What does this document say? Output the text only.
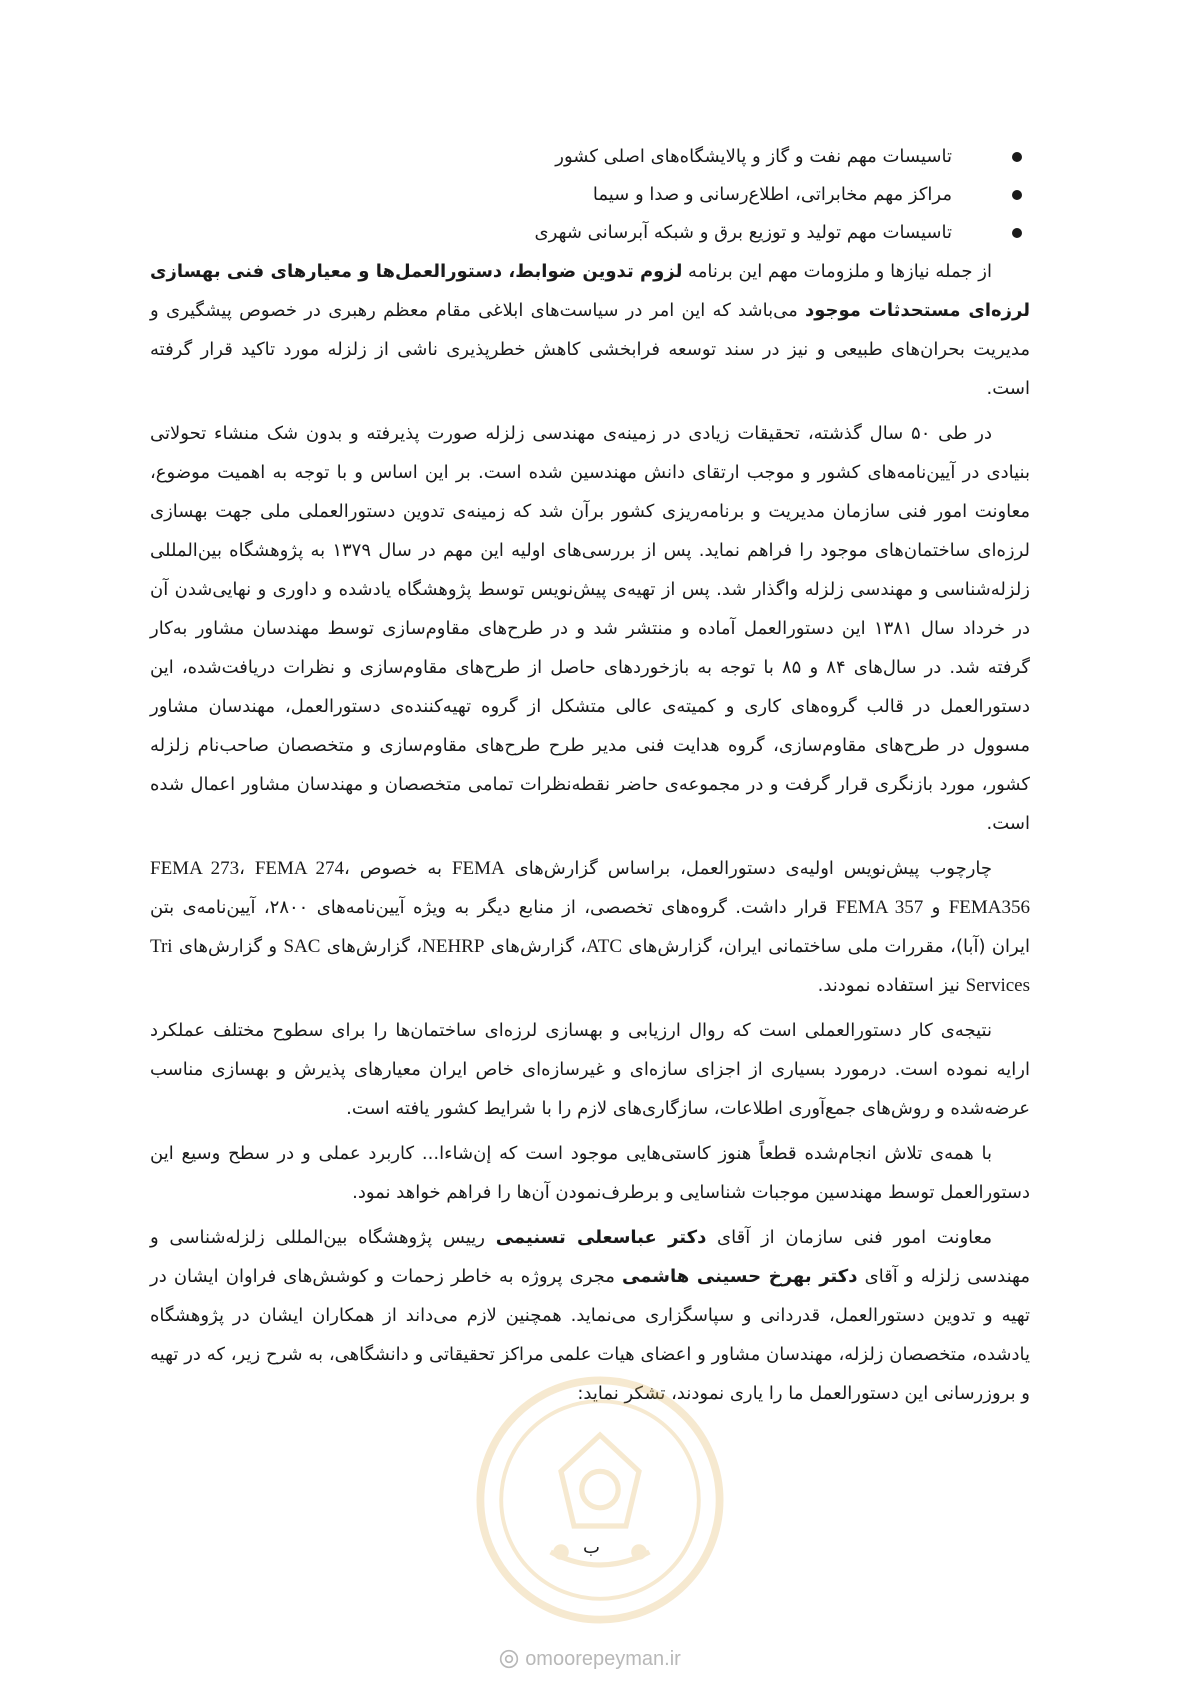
تاسیسات مهم نفت و گاز و پالایشگاه‌های اصلی کشور
مراکز مهم مخابراتی، اطلاع‌رسانی و صدا و سیما
تاسیسات مهم تولید و توزیع برق و شبکه آبرسانی شهری

از جمله نیازها و ملزومات مهم این برنامه لزوم تدوین ضوابط، دستورالعمل‌ها و معیارهای فنی بهسازی لرزه‌ای مستحدثات موجود می‌باشد که این امر در سیاست‌های ابلاغی مقام معظم رهبری در خصوص پیشگیری و مدیریت بحران‌های طبیعی و نیز در سند توسعه فرابخشی کاهش خطرپذیری ناشی از زلزله مورد تاکید قرار گرفته است.

در طی ۵۰ سال گذشته، تحقیقات زیادی در زمینه‌ی مهندسی زلزله صورت پذیرفته و بدون شک منشاء تحولاتی بنیادی در آیین‌نامه‌های کشور و موجب ارتقای دانش مهندسین شده است. بر این اساس و با توجه به اهمیت موضوع، معاونت امور فنی سازمان مدیریت و برنامه‌ریزی کشور برآن شد که زمینه‌ی تدوین دستورالعملی ملی جهت بهسازی لرزه‌ای ساختمان‌های موجود را فراهم نماید. پس از بررسی‌های اولیه این مهم در سال ۱۳۷۹ به پژوهشگاه بین‌المللی زلزله‌شناسی و مهندسی زلزله واگذار شد. پس از تهیه‌ی پیش‌نویس توسط پژوهشگاه یادشده و داوری و نهایی‌شدن آن در خرداد سال ۱۳۸۱ این دستورالعمل آماده و منتشر شد و در طرح‌های مقاوم‌سازی توسط مهندسان مشاور به‌کار گرفته شد. در سال‌های ۸۴ و ۸۵ با توجه به بازخوردهای حاصل از طرح‌های مقاوم‌سازی و نظرات دریافت‌شده، این دستورالعمل در قالب گروه‌های کاری و کمیته‌ی عالی متشکل از گروه تهیه‌کننده‌ی دستورالعمل، مهندسان مشاور مسوول در طرح‌های مقاوم‌سازی، گروه هدایت فنی مدیر طرح طرح‌های مقاوم‌سازی و متخصصان صاحب‌نام زلزله کشور، مورد بازنگری قرار گرفت و در مجموعه‌ی حاضر نقطه‌نظرات تمامی متخصصان و مهندسان مشاور اعمال شده است.

چارچوب پیش‌نویس اولیه‌ی دستورالعمل، براساس گزارش‌های FEMA به خصوص FEMA 273، FEMA 274، FEMA356 و FEMA 357 قرار داشت. گروه‌های تخصصی، از منابع دیگر به ویژه آیین‌نامه‌های ۲۸۰۰، آیین‌نامه‌ی بتن ایران (آبا)، مقررات ملی ساختمانی ایران، گزارش‌های ATC، گزارش‌های NEHRP، گزارش‌های SAC و گزارش‌های Tri Services نیز استفاده نمودند.

نتیجه‌ی کار دستورالعملی است که روال ارزیابی و بهسازی لرزه‌ای ساختمان‌ها را برای سطوح مختلف عملکرد ارایه نموده است. درمورد بسیاری از اجزای سازه‌ای و غیرسازه‌ای خاص ایران معیارهای پذیرش و بهسازی مناسب عرضه‌شده و روش‌های جمع‌آوری اطلاعات، سازگاری‌های لازم را با شرایط کشور یافته است.

با همه‌ی تلاش انجام‌شده قطعاً هنوز کاستی‌هایی موجود است که إن‌شاءا... کاربرد عملی و در سطح وسیع این دستورالعمل توسط مهندسین موجبات شناسایی و برطرف‌نمودن آن‌ها را فراهم خواهد نمود.

معاونت امور فنی سازمان از آقای دکتر عباسعلی تسنیمی رییس پژوهشگاه بین‌المللی زلزله‌شناسی و مهندسی زلزله و آقای دکتر بهرخ حسینی هاشمی مجری پروژه به خاطر زحمات و کوشش‌های فراوان ایشان در تهیه و تدوین دستورالعمل، قدردانی و سپاسگزاری می‌نماید. همچنین لازم می‌داند از همکاران ایشان در پژوهشگاه یادشده، متخصصان زلزله، مهندسان مشاور و اعضای هیات علمی مراکز تحقیقاتی و دانشگاهی، به شرح زیر، که در تهیه و بروزرسانی این دستورالعمل ما را یاری نمودند، تشکر نماید:

ب
omoorepeyman.ir
